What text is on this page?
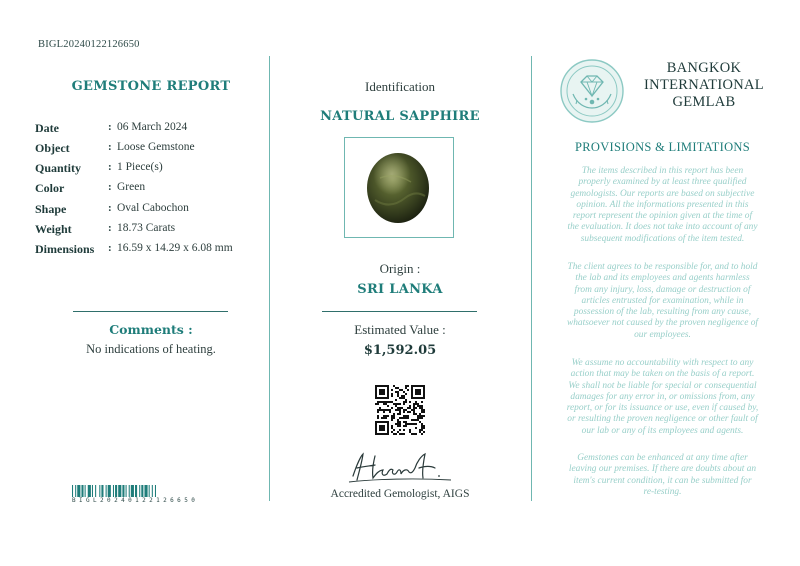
BIGL20240122126650
GEMSTONE REPORT
Date	: 06 March 2024
Object	: Loose Gemstone
Quantity	: 1 Piece(s)
Color	: Green
Shape	: Oval Cabochon
Weight	: 18.73 Carats
Dimensions	: 16.59 x 14.29 x 6.08 mm
Comments :
No indications of heating.
BIGL20240122126650
Identification
NATURAL SAPPHIRE
Origin :
SRI LANKA
Estimated Value :
$1,592.05
Accredited Gemologist, AIGS
BANGKOK
INTERNATIONAL
GEMLAB
PROVISIONS & LIMITATIONS
The items described in this report has been
properly examined by at least three qualified
gemologists. Our reports are based on subjective
opinion. All the informations presented in this
report represent the opinion given at the time of
the evaluation. It does not take into account of any
subsequent modifications of the item tested.
The client agrees to be responsible for, and to hold
the lab and its employees and agents harmless
from any injury, loss, damage or destruction of
articles entrusted for examination, while in
possession of the lab, resulting from any cause,
whatsoever not caused by the proven negligence of
our employees.
We assume no accountability with respect to any
action that may be taken on the basis of a report.
We shall not be liable for special or consequential
damages for any error in, or omissions from, any
report, or for its issuance or use, even if caused by,
or resulting the proven negligence or other fault of
our lab or any of its employees and agents.
Gemstones can be enhanced at any time after
leaving our premises. If there are doubts about an
item's current condition, it can be submitted for
re-testing.
